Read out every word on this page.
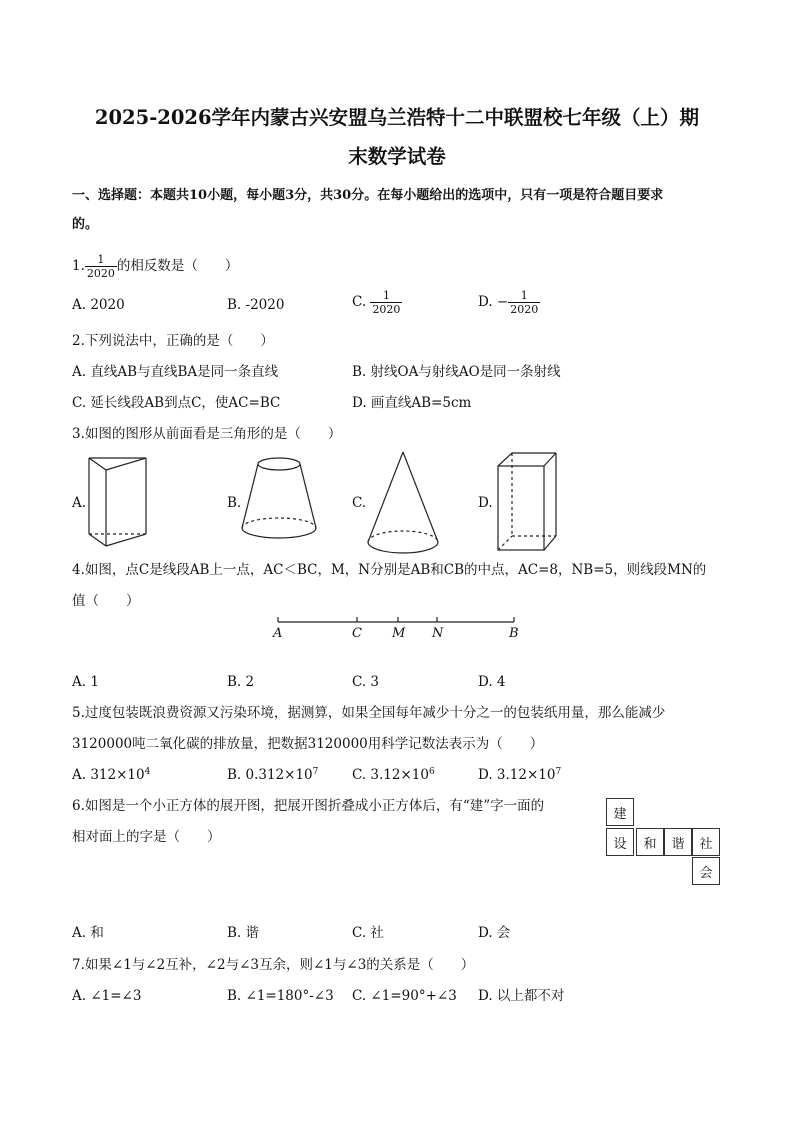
2025-2026学年内蒙古兴安盟乌兰浩特十二中联盟校七年级（上）期
末数学试卷
一、选择题：本题共10小题，每小题3分，共30分。在每小题给出的选项中，只有一项是符合题目要求
的。
1. $\frac{1}{2020}$ 的相反数是（　　）
A. 2020	B. -2020	C. $\frac{1}{2020}$	D. − $\frac{1}{2020}$
2.下列说法中，正确的是（　　）
A. 直线AB与直线BA是同一条直线	B. 射线OA与射线AO是同一条射线
C. 延长线段AB到点C，使AC=BC	D. 画直线AB=5cm
3.如图的图形从前面看是三角形的是（　　）
A.	B.	C.	D.
4.如图，点C是线段AB上一点，AC＜BC，M，N分别是AB和CB的中点，AC=8，NB=5，则线段MN的
值（　　）
A	C M N	B
A. 1	B. 2	C. 3	D. 4
5.过度包装既浪费资源又污染环境，据测算，如果全国每年减少十分之一的包装纸用量，那么能减少
3120000吨二氧化碳的排放量，把数据3120000用科学记数法表示为（　　）
A. $312\times 10^4$	B. $0.312\times 10^7$ C. $3.12\times 10^6$	D. $3.12\times 10^7$
6.如图是一个小正方体的展开图，把展开图折叠成小正方体后，有“建”字一面的
相对面上的字是（　　）
建
设	和	谐	社
会
A. 和	B. 谐	C. 社	D. 会
7.如果∠1与∠2互补，∠2与∠3互余，则∠1与∠3的关系是（　　）
A. ∠1=∠3	B. ∠1=180°-∠3 C. ∠1=90°+∠3 D. 以上都不对
